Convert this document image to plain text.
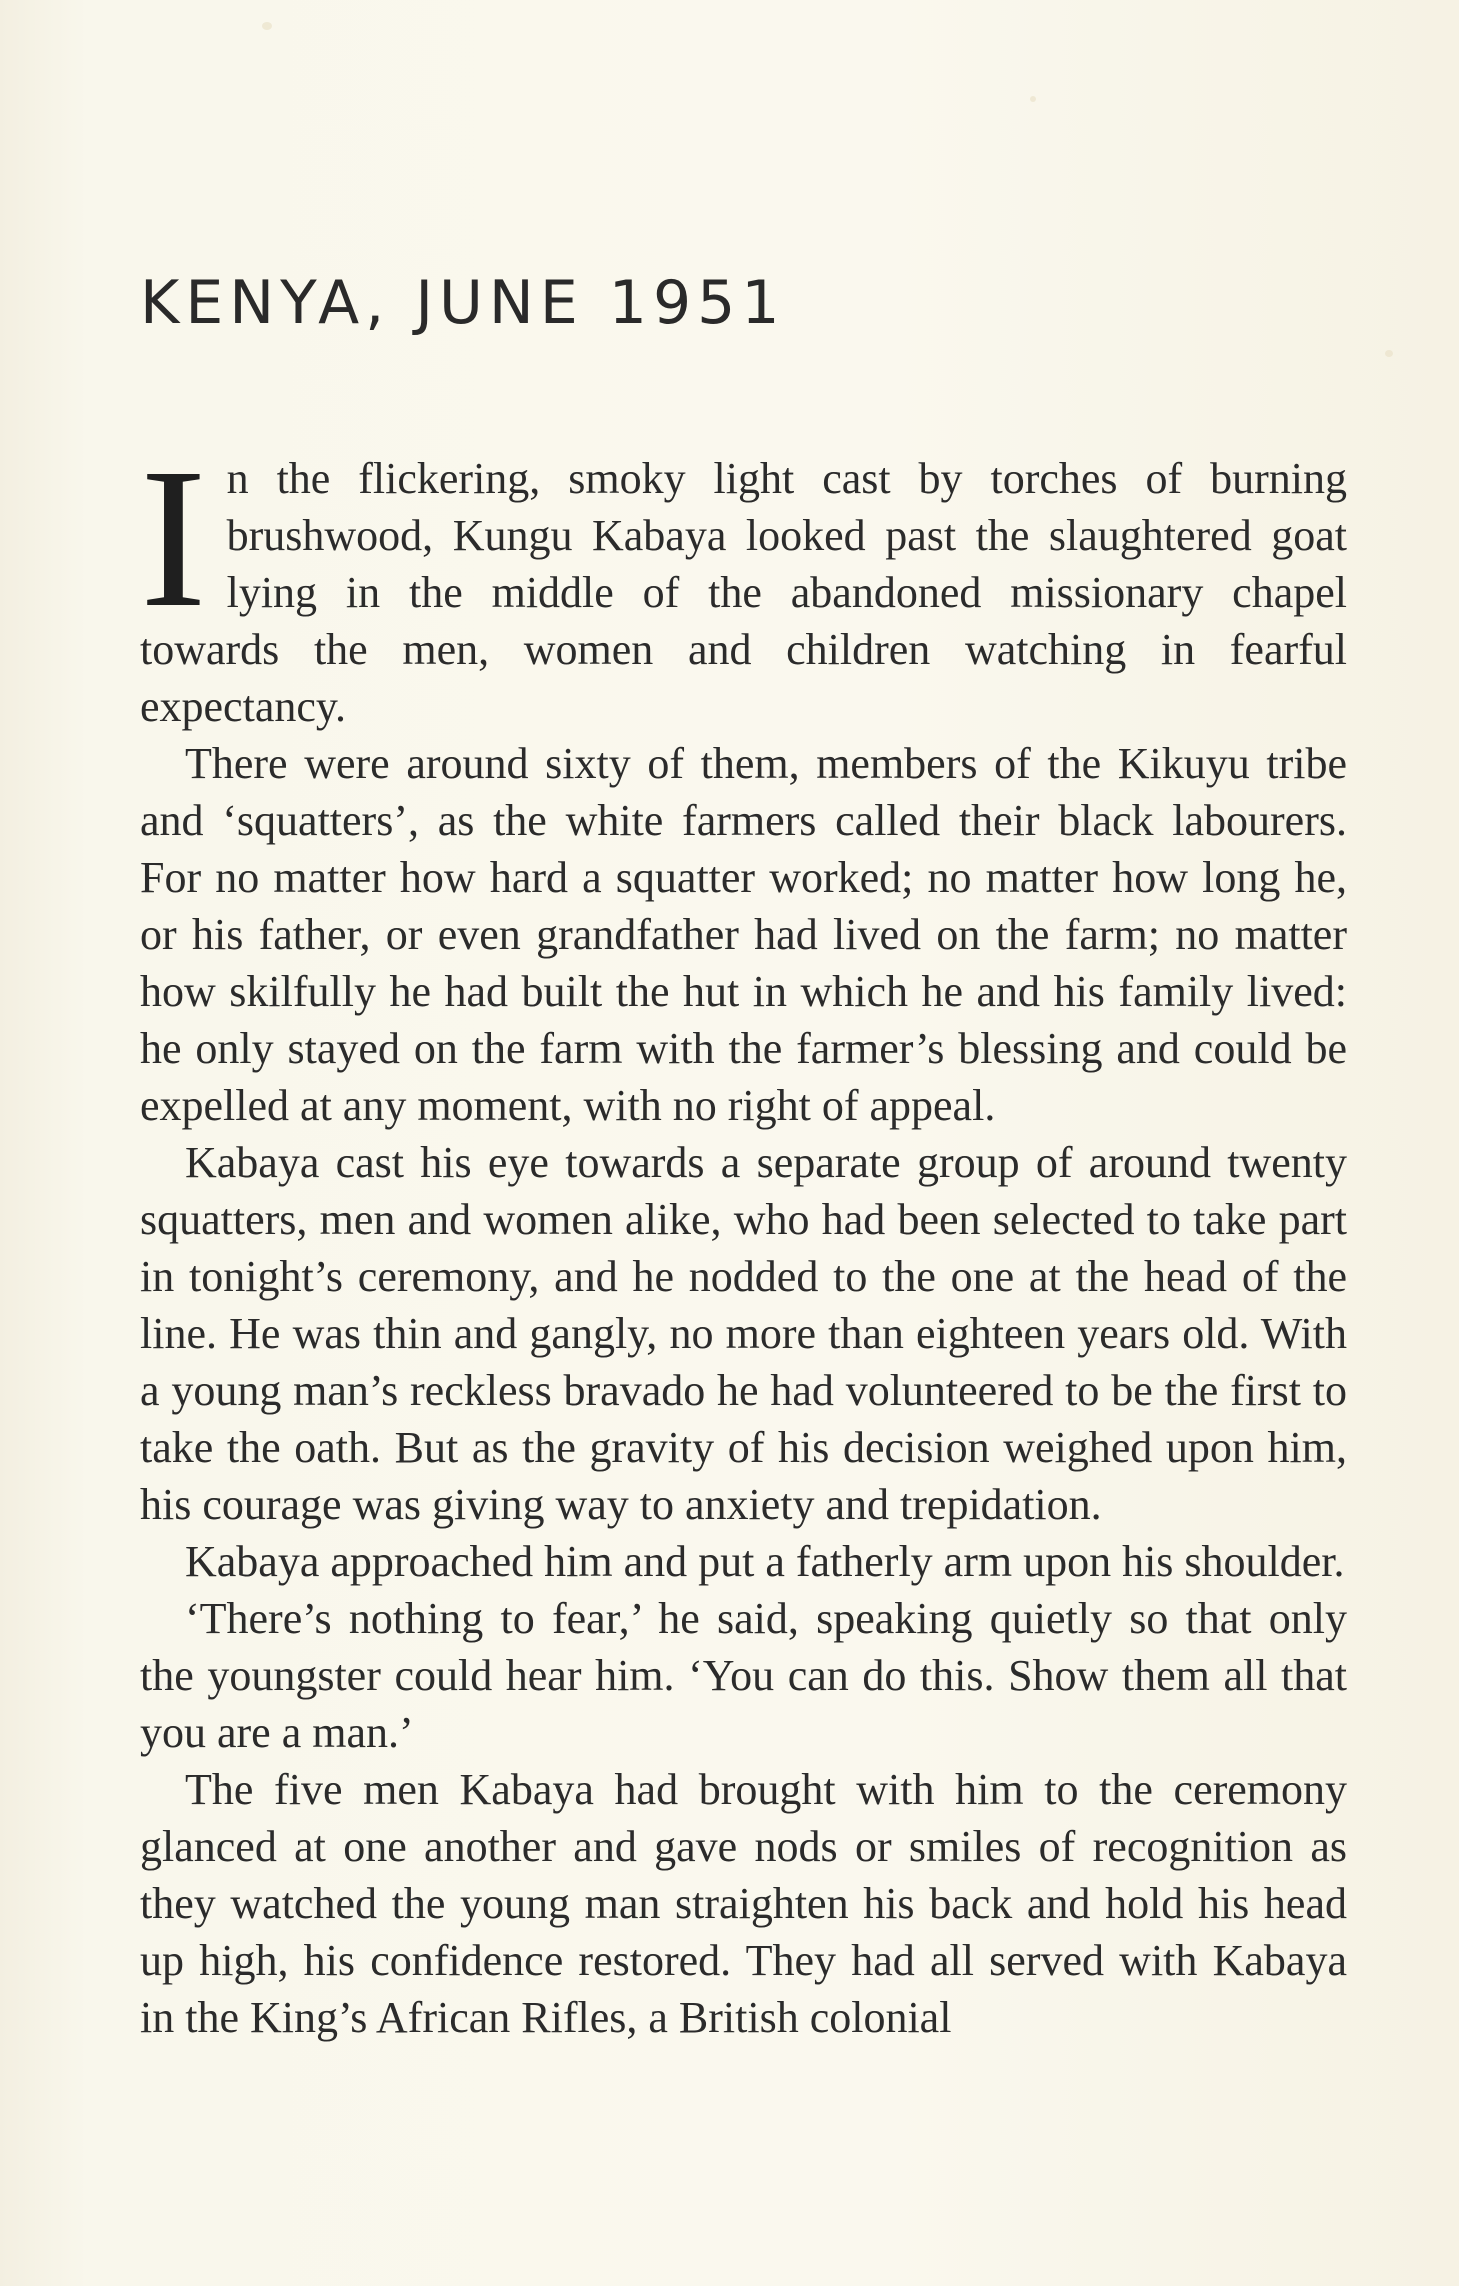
KENYA, JUNE 1951

In the flickering, smoky light cast by torches of burning brushwood, Kungu Kabaya looked past the slaughtered goat lying in the middle of the abandoned missionary chapel towards the men, women and children watching in fearful expectancy.

There were around sixty of them, members of the Kikuyu tribe and ‘squatters’, as the white farmers called their black labourers. For no matter how hard a squatter worked; no matter how long he, or his father, or even grandfather had lived on the farm; no matter how skilfully he had built the hut in which he and his family lived: he only stayed on the farm with the farmer’s blessing and could be expelled at any moment, with no right of appeal.

Kabaya cast his eye towards a separate group of around twenty squatters, men and women alike, who had been selected to take part in tonight’s ceremony, and he nodded to the one at the head of the line. He was thin and gangly, no more than eighteen years old. With a young man’s reckless bravado he had volunteered to be the first to take the oath. But as the gravity of his decision weighed upon him, his courage was giving way to anxiety and trepidation.

Kabaya approached him and put a fatherly arm upon his shoulder.

‘There’s nothing to fear,’ he said, speaking quietly so that only the youngster could hear him. ‘You can do this. Show them all that you are a man.’

The five men Kabaya had brought with him to the ceremony glanced at one another and gave nods or smiles of recognition as they watched the young man straighten his back and hold his head up high, his confidence restored. They had all served with Kabaya in the King’s African Rifles, a British colonial
